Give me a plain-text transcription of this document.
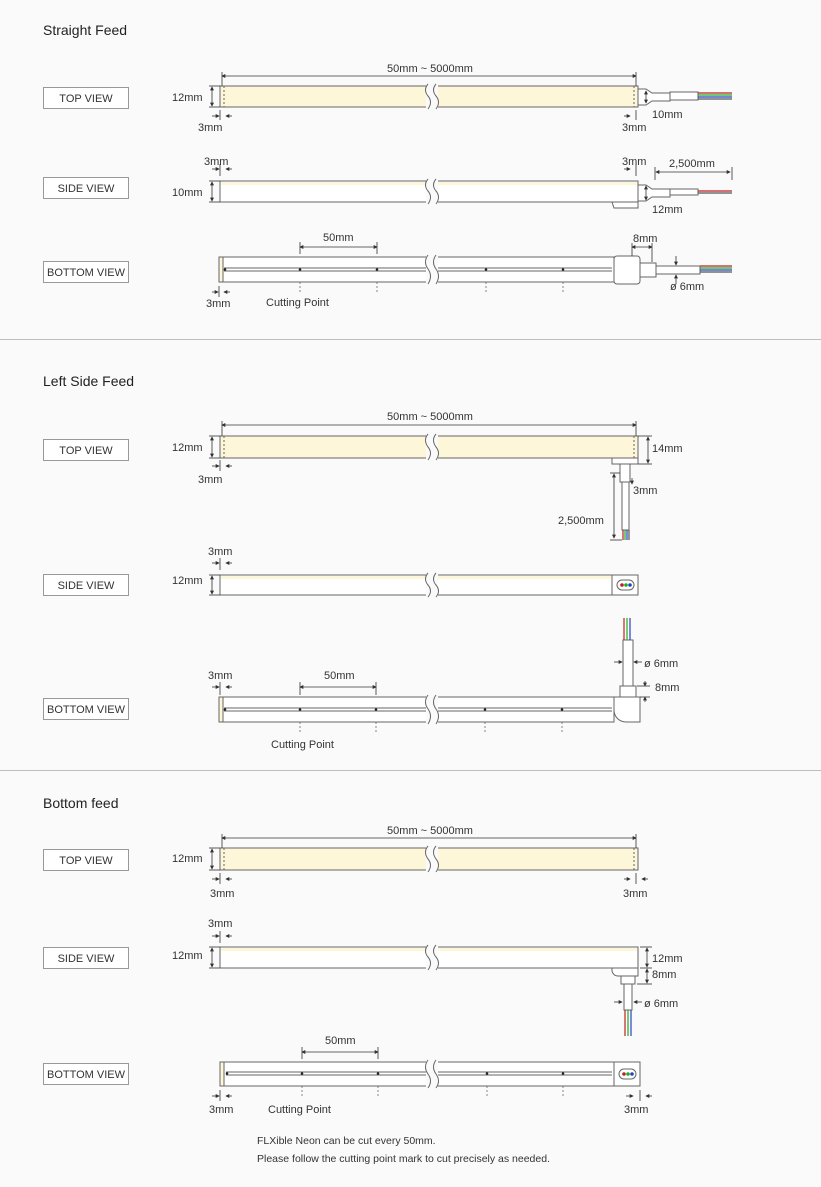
Straight Feed
Left Side Feed
Bottom feed
TOP VIEW
SIDE VIEW
BOTTOM VIEW
TOP VIEW
SIDE VIEW
BOTTOM VIEW
TOP VIEW
SIDE VIEW
BOTTOM VIEW
50mm ~ 5000mm
12mm
3mm	3mm
10mm
3mm	3mm 2,500mm
10mm
12mm
50mm	8mm
ø 6mm
3mm	Cutting Point
50mm ~ 5000mm
12mm	14mm
3mm
3mm
2,500mm
3mm
12mm
ø 6mm
8mm
3mm	50mm
Cutting Point
50mm ~ 5000mm
12mm
3mm	3mm
3mm
12mm	12mm
8mm
ø 6mm
50mm
3mm	3mm
Cutting Point
FLXible Neon can be cut every 50mm.
Please follow the cutting point mark to cut precisely as needed.
